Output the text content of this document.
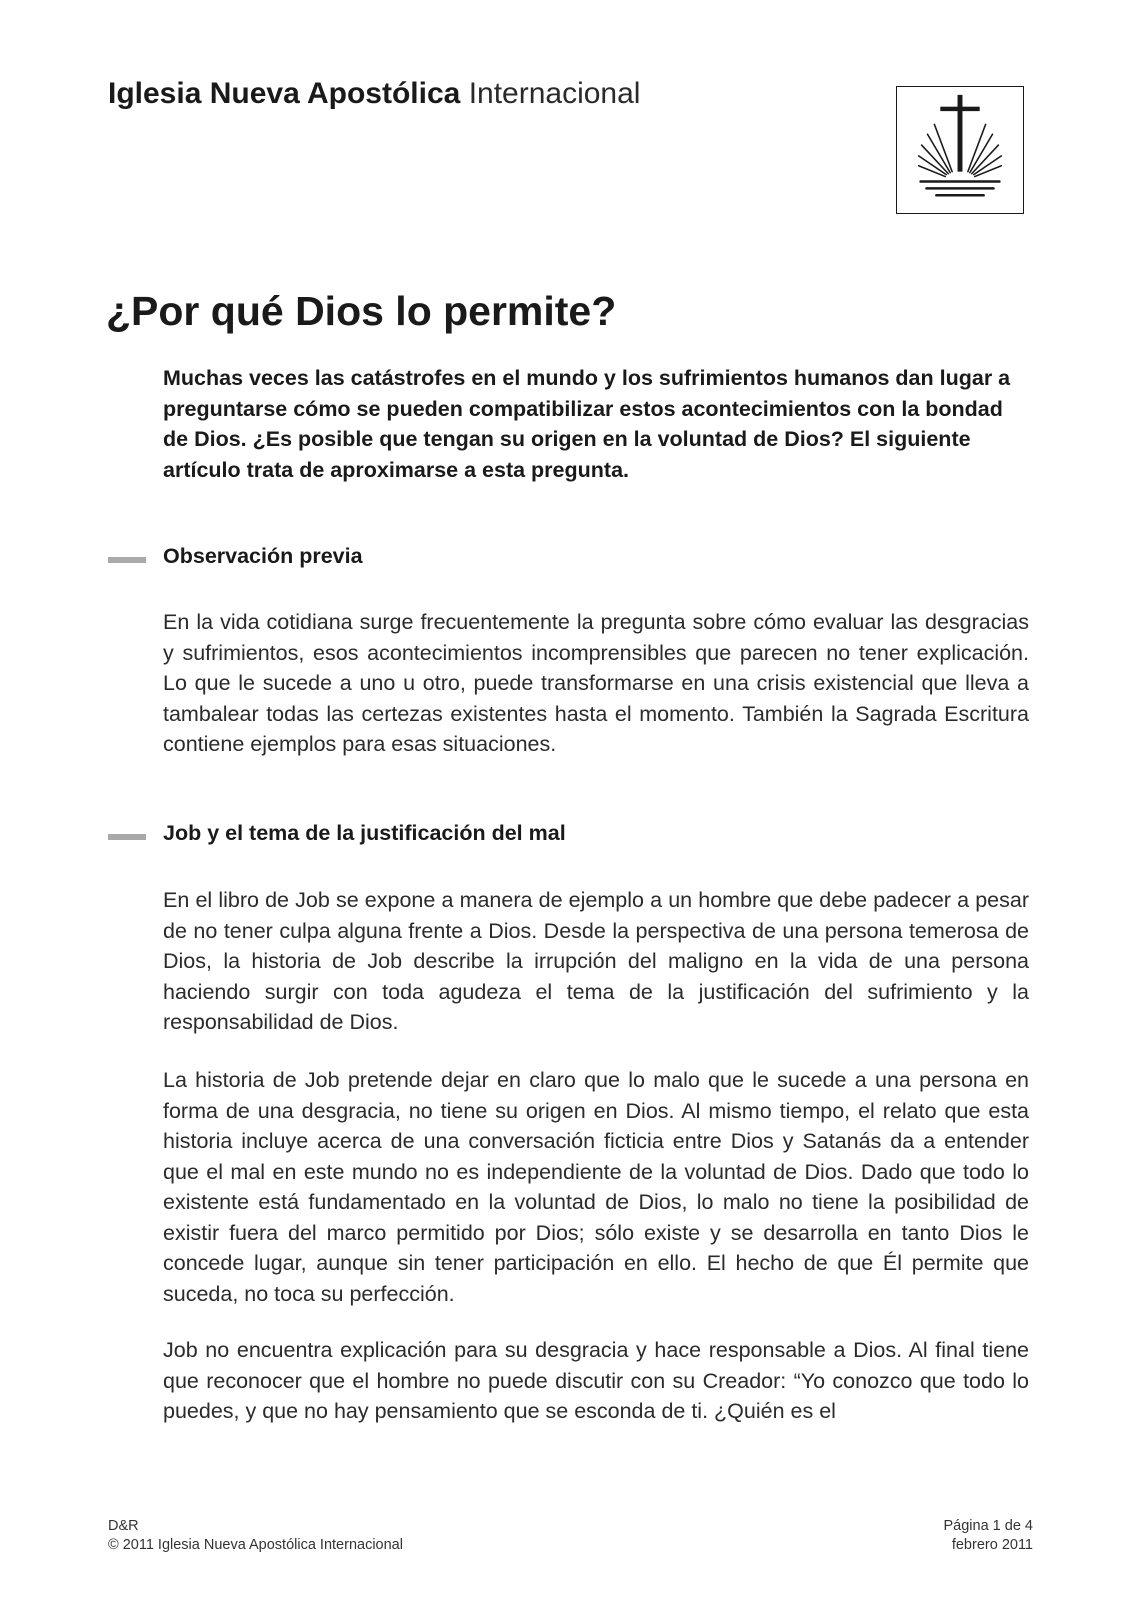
Iglesia Nueva Apostólica Internacional
¿Por qué Dios lo permite?

Muchas veces las catástrofes en el mundo y los sufrimientos humanos dan lugar a preguntarse cómo se pueden compatibilizar estos acontecimientos con la bondad de Dios. ¿Es posible que tengan su origen en la voluntad de Dios? El siguiente artículo trata de aproximarse a esta pregunta.

Observación previa

En la vida cotidiana surge frecuentemente la pregunta sobre cómo evaluar las desgracias y sufrimientos, esos acontecimientos incomprensibles que parecen no tener explicación. Lo que le sucede a uno u otro, puede transformarse en una crisis existencial que lleva a tambalear todas las certezas existentes hasta el momento. También la Sagrada Escritura contiene ejemplos para esas situaciones.

Job y el tema de la justificación del mal

En el libro de Job se expone a manera de ejemplo a un hombre que debe padecer a pesar de no tener culpa alguna frente a Dios. Desde la perspectiva de una persona temerosa de Dios, la historia de Job describe la irrupción del maligno en la vida de una persona haciendo surgir con toda agudeza el tema de la justificación del sufrimiento y la responsabilidad de Dios.

La historia de Job pretende dejar en claro que lo malo que le sucede a una persona en forma de una desgracia, no tiene su origen en Dios. Al mismo tiempo, el relato que esta historia incluye acerca de una conversación ficticia entre Dios y Satanás da a entender que el mal en este mundo no es independiente de la voluntad de Dios. Dado que todo lo existente está fundamentado en la voluntad de Dios, lo malo no tiene la posibilidad de existir fuera del marco permitido por Dios; sólo existe y se desarrolla en tanto Dios le concede lugar, aunque sin tener participación en ello. El hecho de que Él permite que suceda, no toca su perfección.

Job no encuentra explicación para su desgracia y hace responsable a Dios. Al final tiene que reconocer que el hombre no puede discutir con su Creador: “Yo conozco que todo lo puedes, y que no hay pensamiento que se esconda de ti. ¿Quién es el

D&R
© 2011 Iglesia Nueva Apostólica Internacional
Página 1 de 4
febrero 2011
